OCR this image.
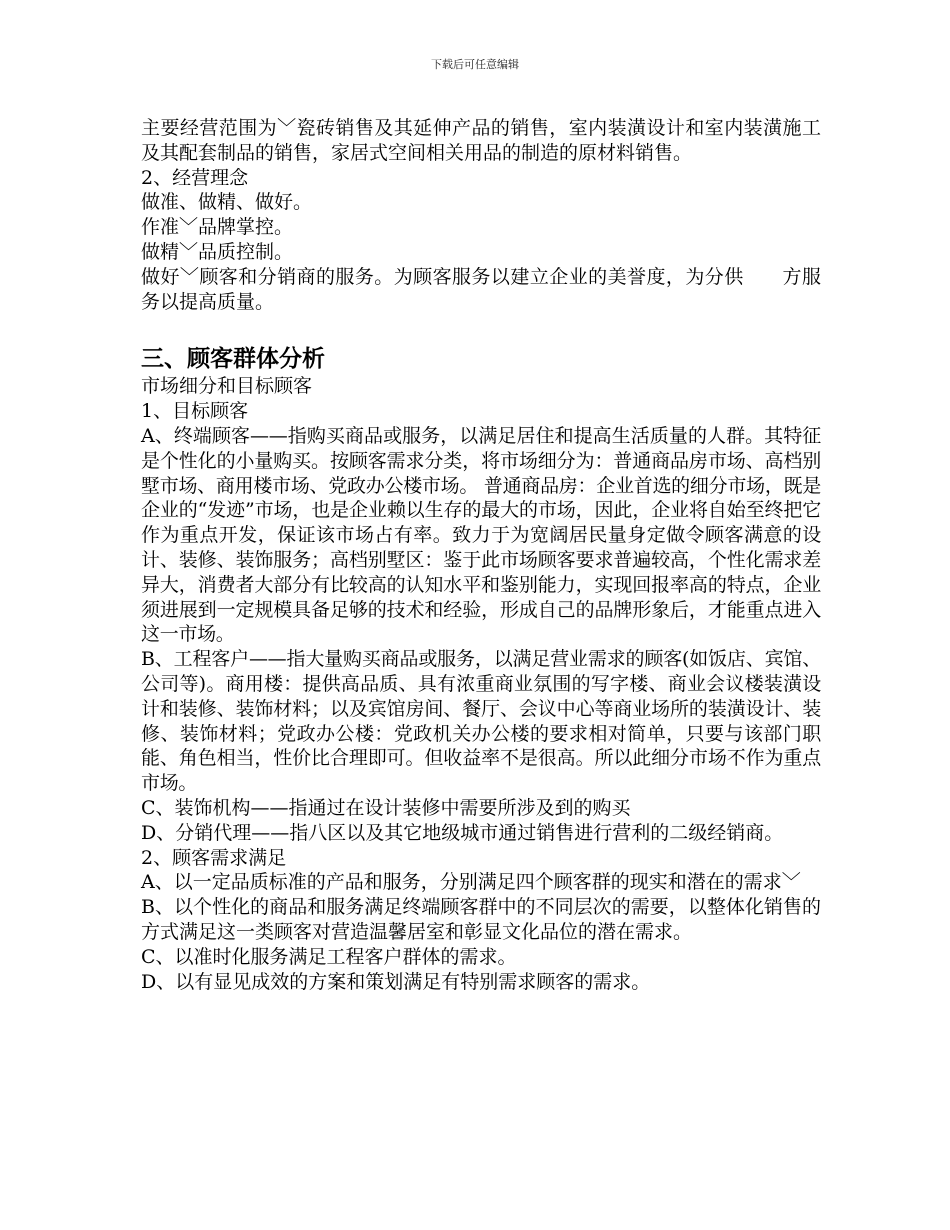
下载后可任意编辑

主要经营范围为﹀瓷砖销售及其延伸产品的销售，室内装潢设计和室内装潢施工及其配套制品的销售，家居式空间相关用品的制造的原材料销售。

2、经营理念

做准、做精、做好。

作准﹀品牌掌控。

做精﹀品质控制。

做好﹀顾客和分销商的服务。为顾客服务以建立企业的美誉度，为分供　　方服务以提高质量。

三、顾客群体分析

市场细分和目标顾客

1、目标顾客

A、终端顾客——指购买商品或服务，以满足居住和提高生活质量的人群。其特征是个性化的小量购买。按顾客需求分类，将市场细分为：普通商品房市场、高档别墅市场、商用楼市场、党政办公楼市场。 普通商品房：企业首选的细分市场，既是企业的“发迹”市场，也是企业赖以生存的最大的市场，因此，企业将自始至终把它作为重点开发，保证该市场占有率。致力于为宽阔居民量身定做令顾客满意的设计、装修、装饰服务；高档别墅区：鉴于此市场顾客要求普遍较高，个性化需求差异大，消费者大部分有比较高的认知水平和鉴别能力，实现回报率高的特点，企业须进展到一定规模具备足够的技术和经验，形成自己的品牌形象后，才能重点进入这一市场。

B、工程客户——指大量购买商品或服务，以满足营业需求的顾客(如饭店、宾馆、公司等)。商用楼：提供高品质、具有浓重商业氛围的写字楼、商业会议楼装潢设计和装修、装饰材料；以及宾馆房间、餐厅、会议中心等商业场所的装潢设计、装修、装饰材料；党政办公楼：党政机关办公楼的要求相对简单，只要与该部门职能、角色相当，性价比合理即可。但收益率不是很高。所以此细分市场不作为重点市场。

C、装饰机构——指通过在设计装修中需要所涉及到的购买

D、分销代理——指八区以及其它地级城市通过销售进行营利的二级经销商。

2、顾客需求满足

A、以一定品质标准的产品和服务，分别满足四个顾客群的现实和潜在的需求﹀

B、以个性化的商品和服务满足终端顾客群中的不同层次的需要，以整体化销售的方式满足这一类顾客对营造温馨居室和彰显文化品位的潜在需求。

C、以准时化服务满足工程客户群体的需求。

D、以有显见成效的方案和策划满足有特别需求顾客的需求。
